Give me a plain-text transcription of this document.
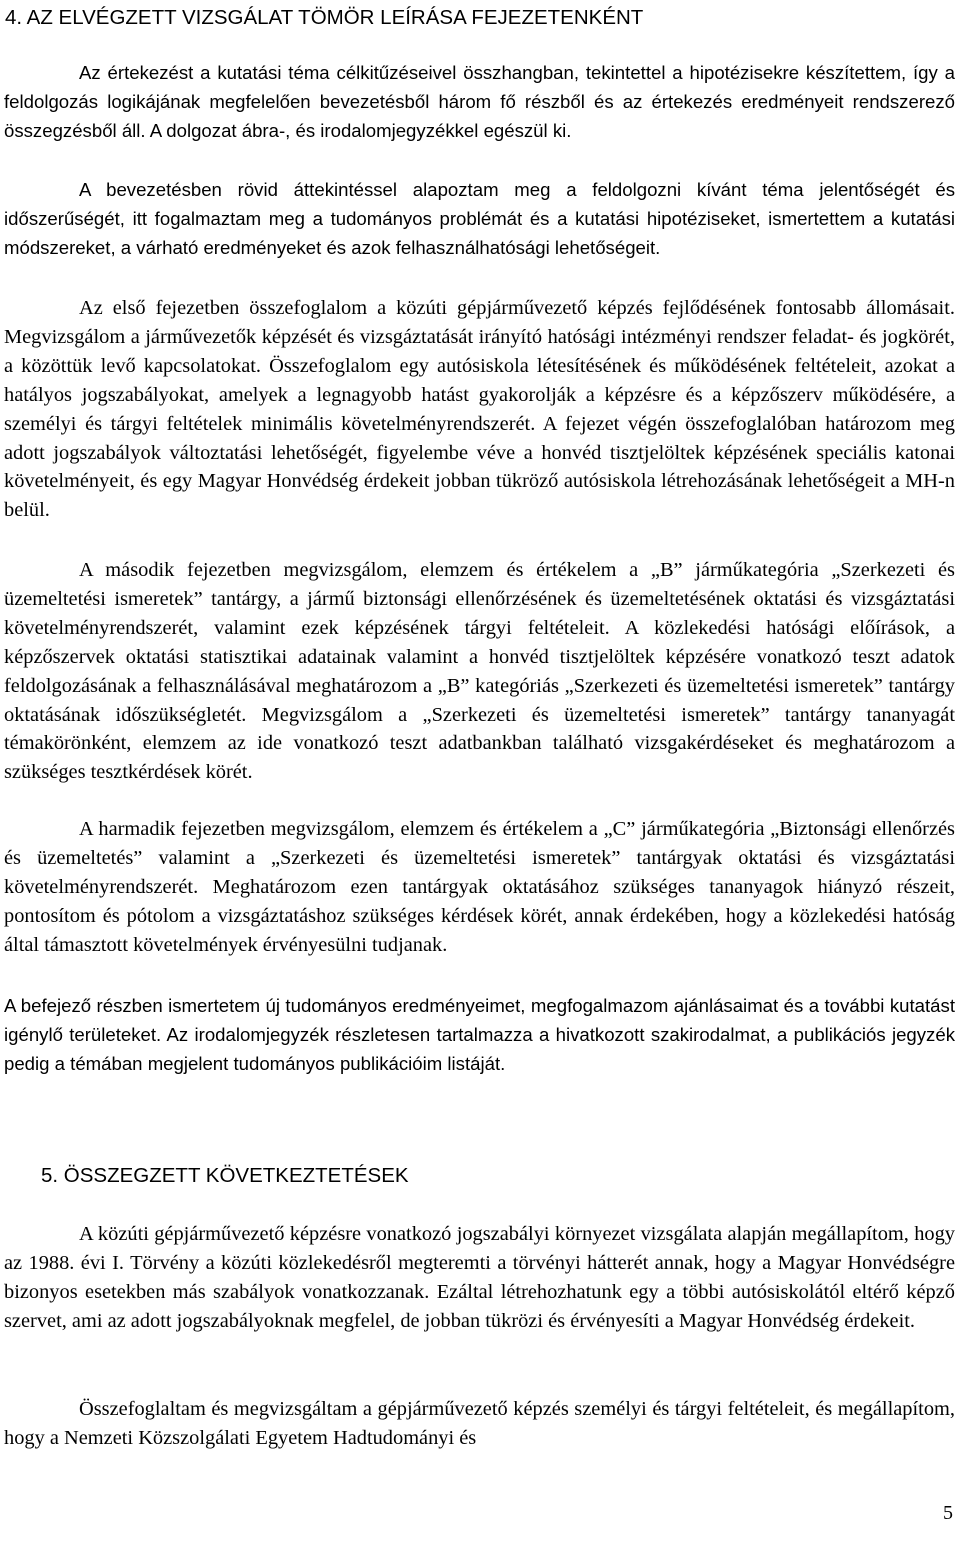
4. AZ ELVÉGZETT VIZSGÁLAT TÖMÖR LEÍRÁSA FEJEZETENKÉNT

Az értekezést a kutatási téma célkitűzéseivel összhangban, tekintettel a hipotézisekre készítettem, így a feldolgozás logikájának megfelelően bevezetésből három fő részből és az értekezés eredményeit rendszerező összegzésből áll. A dolgozat ábra-, és irodalomjegyzékkel egészül ki.

A bevezetésben rövid áttekintéssel alapoztam meg a feldolgozni kívánt téma jelentőségét és időszerűségét, itt fogalmaztam meg a tudományos problémát és a kutatási hipotéziseket, ismertettem a kutatási módszereket, a várható eredményeket és azok felhasználhatósági lehetőségeit.

Az első fejezetben összefoglalom a közúti gépjárművezető képzés fejlődésének fontosabb állomásait. Megvizsgálom a járművezetők képzését és vizsgáztatását irányító hatósági intézményi rendszer feladat- és jogkörét, a közöttük levő kapcsolatokat. Összefoglalom egy autósiskola létesítésének és működésének feltételeit, azokat a hatályos jogszabályokat, amelyek a legnagyobb hatást gyakorolják a képzésre és a képzőszerv működésére, a személyi és tárgyi feltételek minimális követelményrendszerét. A fejezet végén összefoglalóban határozom meg adott jogszabályok változtatási lehetőségét, figyelembe véve a honvéd tisztjelöltek képzésének speciális katonai követelményeit, és egy Magyar Honvédség érdekeit jobban tükröző autósiskola létrehozásának lehetőségeit a MH-n belül.

A második fejezetben megvizsgálom, elemzem és értékelem a „B” járműkategória „Szerkezeti és üzemeltetési ismeretek” tantárgy, a jármű biztonsági ellenőrzésének és üzemeltetésének oktatási és vizsgáztatási követelményrendszerét, valamint ezek képzésének tárgyi feltételeit. A közlekedési hatósági előírások, a képzőszervek oktatási statisztikai adatainak valamint a honvéd tisztjelöltek képzésére vonatkozó teszt adatok feldolgozásának a felhasználásával meghatározom a „B” kategóriás „Szerkezeti és üzemeltetési ismeretek” tantárgy oktatásának időszükségletét. Megvizsgálom a „Szerkezeti és üzemeltetési ismeretek” tantárgy tananyagát témakörönként, elemzem az ide vonatkozó teszt adatbankban található vizsgakérdéseket és meghatározom a szükséges tesztkérdések körét.

A harmadik fejezetben megvizsgálom, elemzem és értékelem a „C” járműkategória „Biztonsági ellenőrzés és üzemeltetés” valamint a „Szerkezeti és üzemeltetési ismeretek” tantárgyak oktatási és vizsgáztatási követelményrendszerét. Meghatározom ezen tantárgyak oktatásához szükséges tananyagok hiányzó részeit, pontosítom és pótolom a vizsgáztatáshoz szükséges kérdések körét, annak érdekében, hogy a közlekedési hatóság által támasztott követelmények érvényesülni tudjanak.

A befejező részben ismertetem új tudományos eredményeimet, megfogalmazom ajánlásaimat és a további kutatást igénylő területeket. Az irodalomjegyzék részletesen tartalmazza a hivatkozott szakirodalmat, a publikációs jegyzék pedig a témában megjelent tudományos publikációim listáját.

5. ÖSSZEGZETT KÖVETKEZTETÉSEK

A közúti gépjárművezető képzésre vonatkozó jogszabályi környezet vizsgálata alapján megállapítom, hogy az 1988. évi I. Törvény a közúti közlekedésről megteremti a törvényi hátterét annak, hogy a Magyar Honvédségre bizonyos esetekben más szabályok vonatkozzanak. Ezáltal létrehozhatunk egy a többi autósiskolától eltérő képző szervet, ami az adott jogszabályoknak megfelel, de jobban tükrözi és érvényesíti a Magyar Honvédség érdekeit.

Összefoglaltam és megvizsgáltam a gépjárművezető képzés személyi és tárgyi feltételeit, és megállapítom, hogy a Nemzeti Közszolgálati Egyetem Hadtudományi és

5
